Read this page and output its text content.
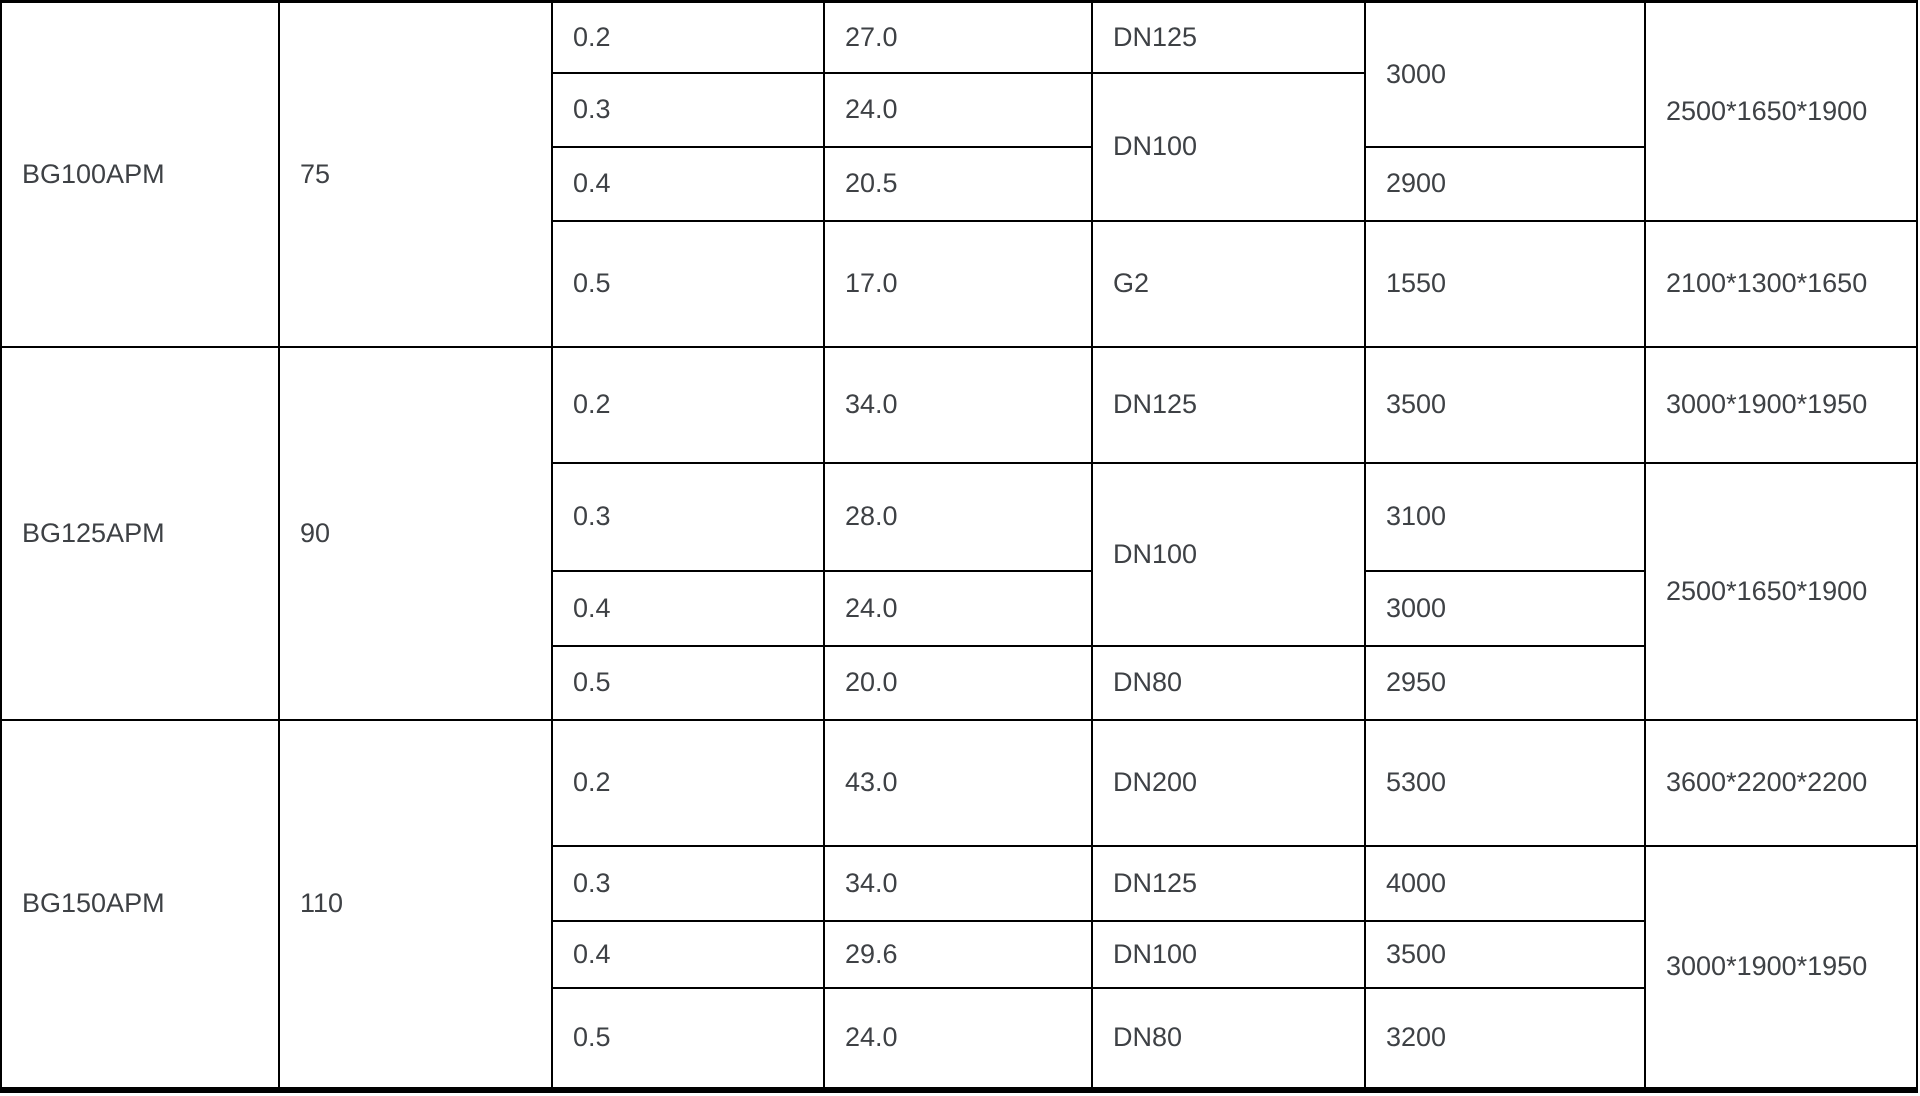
BG100APM	75	0.2	27.0	DN125	3000	2500*1650*1900
		0.3	24.0	DN100		
		0.4	20.5		2900	
		0.5	17.0	G2	1550	2100*1300*1650
BG125APM	90	0.2	34.0	DN125	3500	3000*1900*1950
		0.3	28.0	DN100	3100	2500*1650*1900
		0.4	24.0		3000	
		0.5	20.0	DN80	2950	
BG150APM	110	0.2	43.0	DN200	5300	3600*2200*2200
		0.3	34.0	DN125	4000	3000*1900*1950
		0.4	29.6	DN100	3500	
		0.5	24.0	DN80	3200	
